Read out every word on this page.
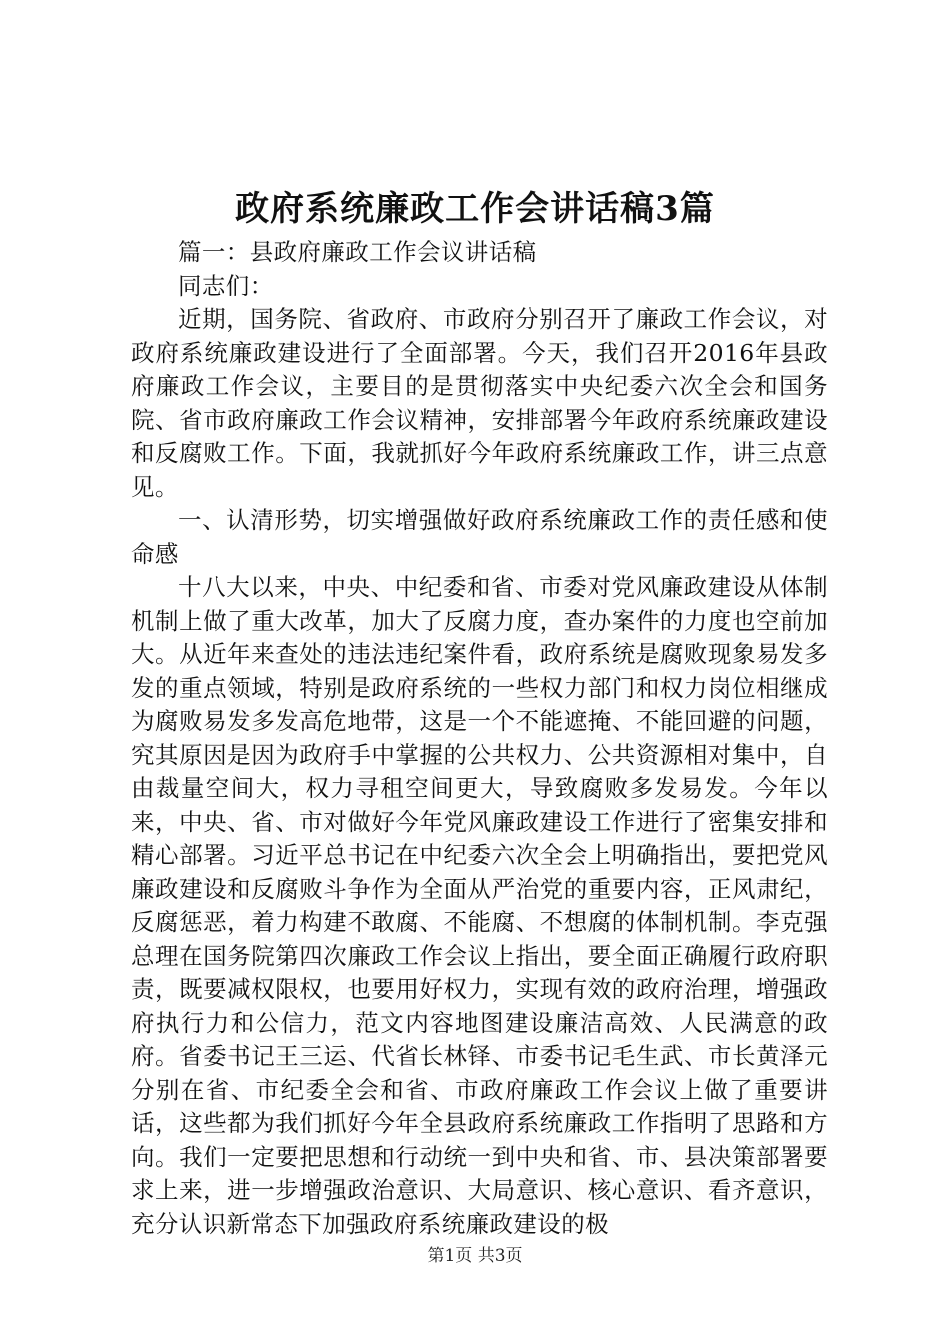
政府系统廉政工作会讲话稿3篇

篇一：县政府廉政工作会议讲话稿

同志们：

近期，国务院、省政府、市政府分别召开了廉政工作会议，对政府系统廉政建设进行了全面部署。今天，我们召开2016年县政府廉政工作会议，主要目的是贯彻落实中央纪委六次全会和国务院、省市政府廉政工作会议精神，安排部署今年政府系统廉政建设和反腐败工作。下面，我就抓好今年政府系统廉政工作，讲三点意见。

一、认清形势，切实增强做好政府系统廉政工作的责任感和使命感

十八大以来，中央、中纪委和省、市委对党风廉政建设从体制机制上做了重大改革，加大了反腐力度，查办案件的力度也空前加大。从近年来查处的违法违纪案件看，政府系统是腐败现象易发多发的重点领域，特别是政府系统的一些权力部门和权力岗位相继成为腐败易发多发高危地带，这是一个不能遮掩、不能回避的问题，究其原因是因为政府手中掌握的公共权力、公共资源相对集中，自由裁量空间大，权力寻租空间更大，导致腐败多发易发。今年以来，中央、省、市对做好今年党风廉政建设工作进行了密集安排和精心部署。习近平总书记在中纪委六次全会上明确指出，要把党风廉政建设和反腐败斗争作为全面从严治党的重要内容，正风肃纪，反腐惩恶，着力构建不敢腐、不能腐、不想腐的体制机制。李克强总理在国务院第四次廉政工作会议上指出，要全面正确履行政府职责，既要减权限权，也要用好权力，实现有效的政府治理，增强政府执行力和公信力，范文内容地图建设廉洁高效、人民满意的政府。省委书记王三运、代省长林铎、市委书记毛生武、市长黄泽元分别在省、市纪委全会和省、市政府廉政工作会议上做了重要讲话，这些都为我们抓好今年全县政府系统廉政工作指明了思路和方向。我们一定要把思想和行动统一到中央和省、市、县决策部署要求上来，进一步增强政治意识、大局意识、核心意识、看齐意识，充分认识新常态下加强政府系统廉政建设的极

第1页 共3页
